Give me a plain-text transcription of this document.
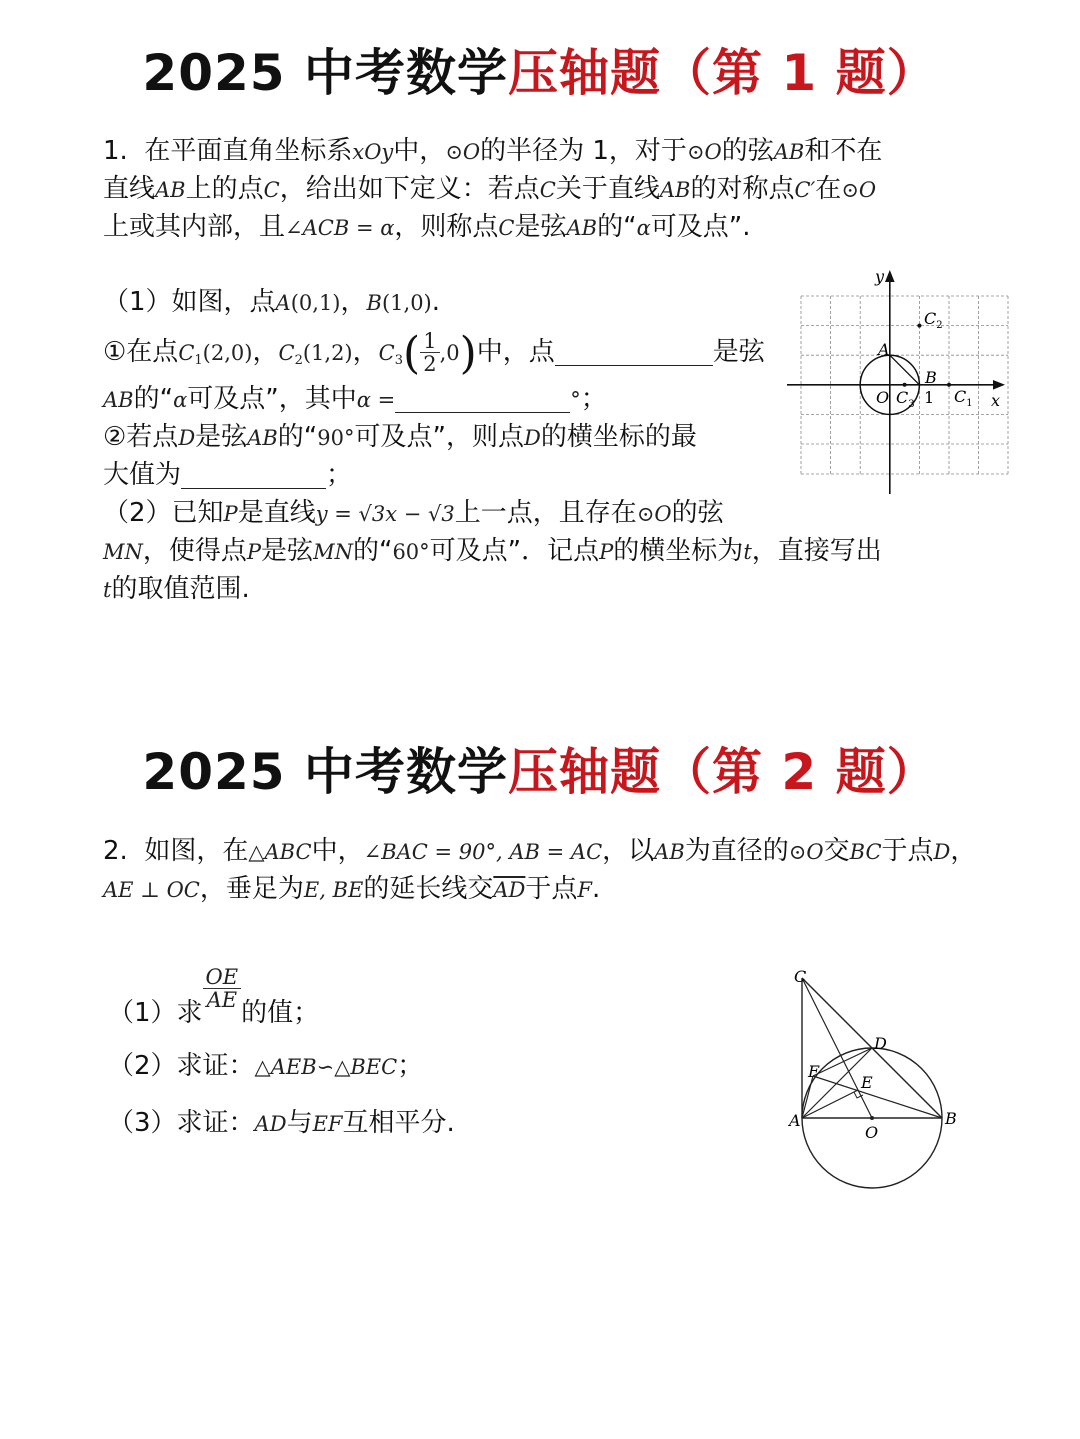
2025 中考数学压轴题（第 1 题）
1. 在平面直角坐标系xOy中，⊙O的半径为 1，对于⊙O的弦AB和不在
直线AB上的点C，给出如下定义：若点C关于直线AB的对称点C′在⊙O
上或其内部，且∠ACB = α，则称点C是弦AB的“α可及点”.
（1）如图，点A(0,1)，B(1,0).
①在点$C_1(2,0)$，$C_2(1,2)$，$C_3( \frac{1}{2} ,0)$中，点	是弦
AB的“α可及点”，其中α =	°；
②若点D是弦AB的“90°可及点”，则点D的横坐标的最
大值为	；
（2）已知P是直线y = √3x − √3上一点，且存在⊙O的弦
MN，使得点P是弦MN的“60°可及点”．记点P的横坐标为t，直接写出
t的取值范围.
y
x
O
A
B
1 $C_1$
$C_2$
$C_3$
2025 中考数学压轴题（第 2 题）
2. 如图，在△ABC中，∠BAC = 90°, AB = AC，以AB为直径的⊙O交BC于点D，
AE ⊥ OC，垂足为E, BE的延长线交$\overline{AD}$于点F.
（1）求
$\frac{OE}{AE}$
的值；
（2）求证：△AEB∽△BEC；
（3）求证：AD与EF互相平分.
C
D
F
E
A
O
B
